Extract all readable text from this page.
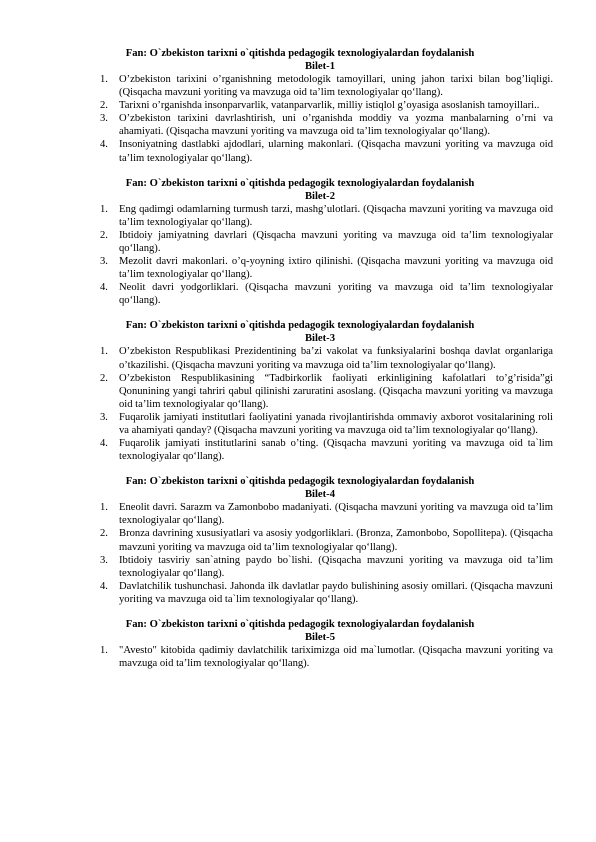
Fan: O`zbekiston tarixni o`qitishda pedagogik texnologiyalardan foydalanish

Bilet-1

1. O’zbekiston tarixini o’rganishning metodologik tamoyillari, uning jahon tarixi bilan bog’liqligi. (Qisqacha mavzuni yoriting va mavzuga oid ta’lim texnologiyalar qo‘llang).
2. Tarixni o’rganishda insonparvarlik, vatanparvarlik, milliy istiqlol g’oyasiga asoslanish tamoyillari..
3. O’zbekiston tarixini davrlashtirish, uni o’rganishda moddiy va yozma manbalarning o’rni va ahamiyati. (Qisqacha mavzuni yoriting va mavzuga oid ta’lim texnologiyalar qo‘llang).
4. Insoniyatning dastlabki ajdodlari, ularning makonlari. (Qisqacha mavzuni yoriting va mavzuga oid ta’lim texnologiyalar qo‘llang).

Fan: O`zbekiston tarixni o`qitishda pedagogik texnologiyalardan foydalanish

Bilet-2

1. Eng qadimgi odamlarning turmush tarzi, mashg’ulotlari. (Qisqacha mavzuni yoriting va mavzuga oid ta’lim texnologiyalar qo‘llang).
2. Ibtidoiy jamiyatning davrlari (Qisqacha mavzuni yoriting va mavzuga oid ta’lim texnologiyalar qo‘llang).
3. Mezolit davri makonlari. o’q-yoyning ixtiro qilinishi. (Qisqacha mavzuni yoriting va mavzuga oid ta’lim texnologiyalar qo‘llang).
4. Neolit davri yodgorliklari. (Qisqacha mavzuni yoriting va mavzuga oid ta’lim texnologiyalar qo‘llang).

Fan: O`zbekiston tarixni o`qitishda pedagogik texnologiyalardan foydalanish

Bilet-3

1. O’zbekiston Respublikasi Prezidentining ba’zi vakolat va funksiyalarini boshqa davlat organlariga o’tkazilishi. (Qisqacha mavzuni yoriting va mavzuga oid ta’lim texnologiyalar qo‘llang).
2. O’zbekiston Respublikasining “Tadbirkorlik faoliyati erkinligining kafolatlari to’g’risida”gi Qonunining yangi tahriri qabul qilinishi zaruratini asoslang. (Qisqacha mavzuni yoriting va mavzuga oid ta’lim texnologiyalar qo‘llang).
3. Fuqarolik jamiyati institutlari faoliyatini yanada rivojlantirishda ommaviy axborot vositalarining roli va ahamiyati qanday? (Qisqacha mavzuni yoriting va mavzuga oid ta’lim texnologiyalar qo‘llang).
4. Fuqarolik jamiyati institutlarini sanab o’ting. (Qisqacha mavzuni yoriting va mavzuga oid ta`lim texnologiyalar qo‘llang).

Fan: O`zbekiston tarixni o`qitishda pedagogik texnologiyalardan foydalanish

Bilet-4

1. Eneolit davri. Sarazm va Zamonbobo madaniyati. (Qisqacha mavzuni yoriting va mavzuga oid ta’lim texnologiyalar qo‘llang).
2. Bronza davrining xususiyatlari va asosiy yodgorliklari. (Bronza, Zamonbobo, Sopollitepa). (Qisqacha mavzuni yoriting va mavzuga oid ta’lim texnologiyalar qo‘llang).
3. Ibtidoiy tasviriy san`atning paydo bo`lishi. (Qisqacha mavzuni yoriting va mavzuga oid ta’lim texnologiyalar qo‘llang).
4. Davlatchilik tushunchasi. Jahonda ilk davlatlar paydo bulishining asosiy omillari. (Qisqacha mavzuni yoriting va mavzuga oid ta`lim texnologiyalar qo‘llang).

Fan: O`zbekiston tarixni o`qitishda pedagogik texnologiyalardan foydalanish

Bilet-5

1. "Avesto" kitobida qadimiy davlatchilik tariximizga oid ma`lumotlar. (Qisqacha mavzuni yoriting va mavzuga oid ta’lim texnologiyalar qo‘llang).
